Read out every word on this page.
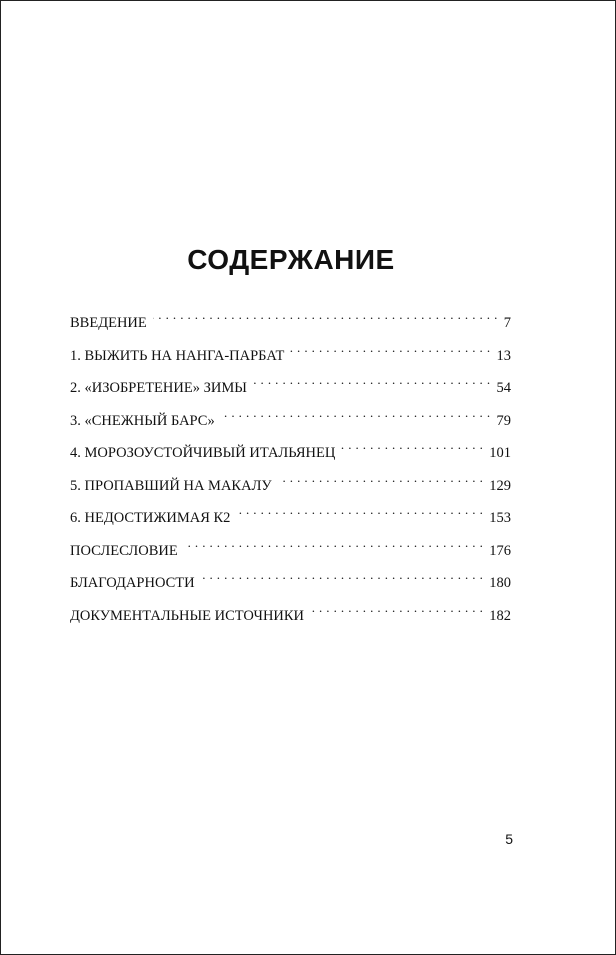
СОДЕРЖАНИЕ
ВВЕДЕНИЕ . . .	7
1. ВЫЖИТЬ НА НАНГА-ПАРБАТ . . .	13
2. «ИЗОБРЕТЕНИЕ» ЗИМЫ . . .	54
3. «СНЕЖНЫЙ БАРС» . . .	79
4. МОРОЗОУСТОЙЧИВЫЙ ИТАЛЬЯНЕЦ . . .	101
5. ПРОПАВШИЙ НА МАКАЛУ . . .	129
6. НЕДОСТИЖИМАЯ К2 . . .	153
ПОСЛЕСЛОВИЕ . . .	176
БЛАГОДАРНОСТИ . . .	180
ДОКУМЕНТАЛЬНЫЕ ИСТОЧНИКИ . . .	182
5
